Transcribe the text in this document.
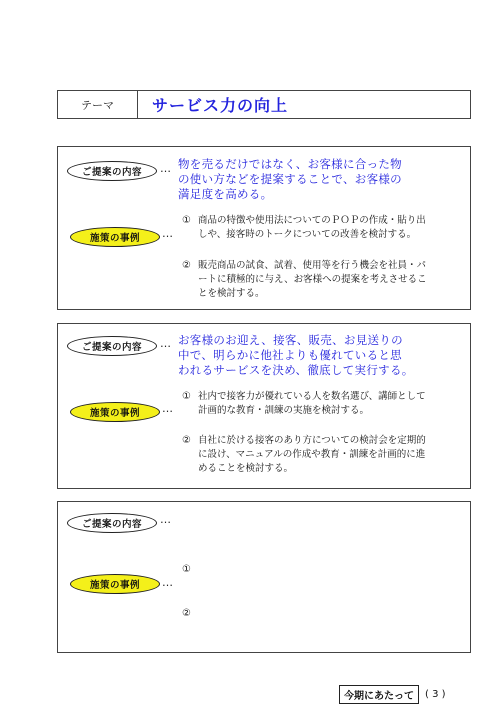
テーマ	サービス力の向上
ご提案の内容	… 物を売るだけではなく、お客様に合った物
の使い方などを提案することで、お客様の
満足度を高める。
施策の事例	…
① 商品の特徴や使用法についてのＰＯＰの作成・貼り出
しや、接客時のトークについての改善を検討する。
② 販売商品の試食、試着、使用等を行う機会を社員・パ
ートに積極的に与え、お客様への提案を考えさせるこ
とを検討する。
ご提案の内容	… お客様のお迎え、接客、販売、お見送りの
中で、明らかに他社よりも優れていると思
われるサービスを決め、徹底して実行する。
施策の事例	…
① 社内で接客力が優れている人を数名選び、講師として
計画的な教育・訓練の実施を検討する。
② 自社に於ける接客のあり方についての検討会を定期的
に設け、マニュアルの作成や教育・訓練を計画的に進
めることを検討する。
ご提案の内容	…
施策の事例	…
①
②
今期にあたって	( 3 )
